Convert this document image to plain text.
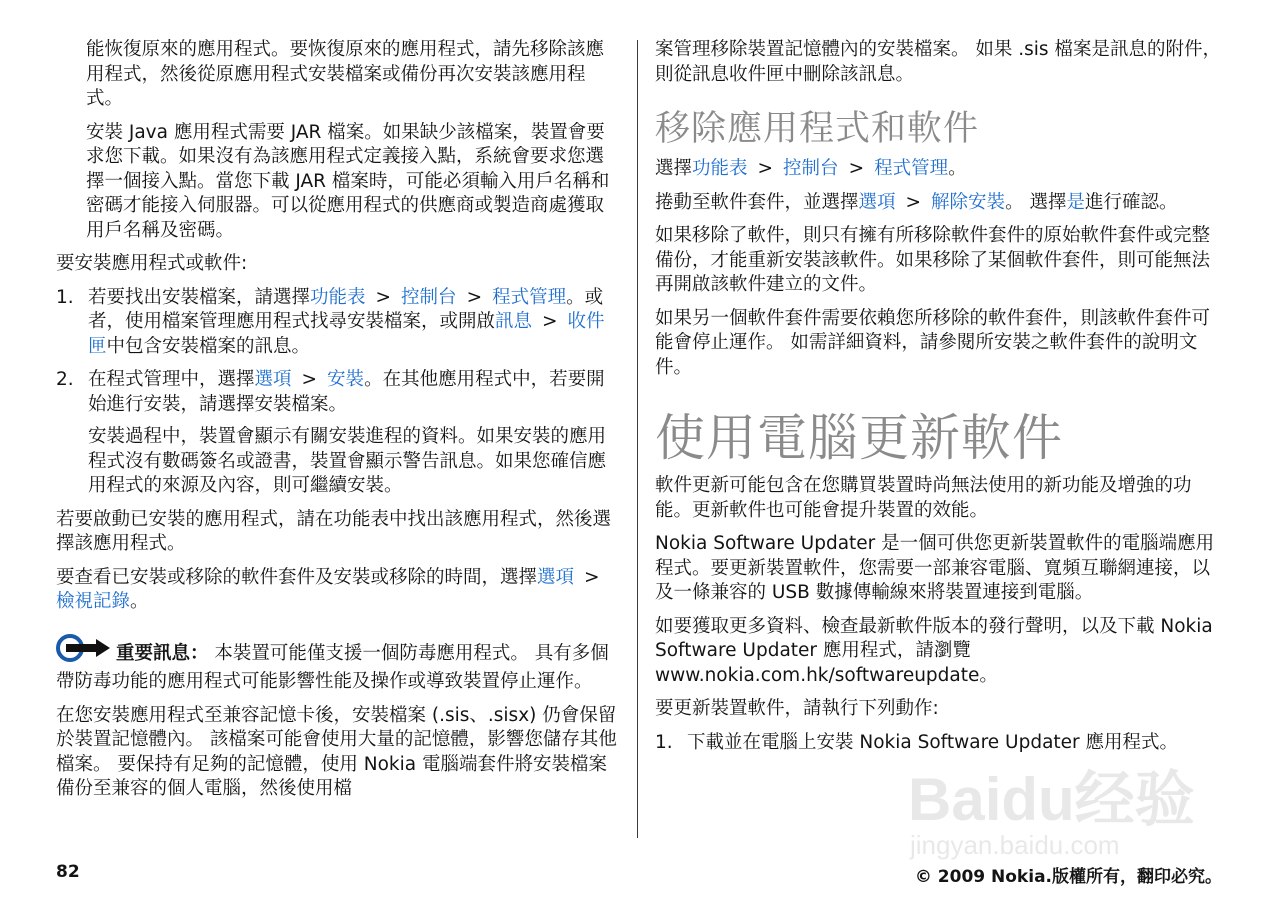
能恢復原來的應用程式。要恢復原來的應用程式，請先移除該應用程式，然後從原應用程式安裝檔案或備份再次安裝該應用程式。

安裝 Java 應用程式需要 JAR 檔案。如果缺少該檔案，裝置會要求您下載。如果沒有為該應用程式定義接入點，系統會要求您選擇一個接入點。當您下載 JAR 檔案時，可能必須輸入用戶名稱和密碼才能接入伺服器。可以從應用程式的供應商或製造商處獲取用戶名稱及密碼。

要安裝應用程式或軟件:

1. 若要找出安裝檔案，請選擇功能表 > 控制台 > 程式管理。或者，使用檔案管理應用程式找尋安裝檔案，或開啟訊息 > 收件匣中包含安裝檔案的訊息。

2. 在程式管理中，選擇選項 > 安裝。在其他應用程式中，若要開始進行安裝，請選擇安裝檔案。

安裝過程中，裝置會顯示有關安裝進程的資料。如果安裝的應用程式沒有數碼簽名或證書，裝置會顯示警告訊息。如果您確信應用程式的來源及內容，則可繼續安裝。

若要啟動已安裝的應用程式，請在功能表中找出該應用程式，然後選擇該應用程式。

要查看已安裝或移除的軟件套件及安裝或移除的時間，選擇選項 >檢視記錄。

重要訊息： 本裝置可能僅支援一個防毒應用程式。 具有多個帶防毒功能的應用程式可能影響性能及操作或導致裝置停止運作。

在您安裝應用程式至兼容記憶卡後，安裝檔案 (.sis、.sisx) 仍會保留於裝置記憶體內。 該檔案可能會使用大量的記憶體，影響您儲存其他檔案。 要保持有足夠的記憶體，使用 Nokia 電腦端套件將安裝檔案備份至兼容的個人電腦，然後使用檔

案管理移除裝置記憶體內的安裝檔案。 如果 .sis 檔案是訊息的附件，則從訊息收件匣中刪除該訊息。

移除應用程式和軟件

選擇功能表 > 控制台 > 程式管理。

捲動至軟件套件，並選擇選項 > 解除安裝。 選擇是進行確認。

如果移除了軟件，則只有擁有所移除軟件套件的原始軟件套件或完整備份，才能重新安裝該軟件。如果移除了某個軟件套件，則可能無法再開啟該軟件建立的文件。

如果另一個軟件套件需要依賴您所移除的軟件套件，則該軟件套件可能會停止運作。 如需詳細資料，請參閱所安裝之軟件套件的說明文件。

使用電腦更新軟件

軟件更新可能包含在您購買裝置時尚無法使用的新功能及增強的功能。更新軟件也可能會提升裝置的效能。

Nokia Software Updater 是一個可供您更新裝置軟件的電腦端應用程式。要更新裝置軟件，您需要一部兼容電腦、寬頻互聯網連接，以及一條兼容的 USB 數據傳輸線來將裝置連接到電腦。

如要獲取更多資料、檢查最新軟件版本的發行聲明，以及下載 Nokia Software Updater 應用程式，請瀏覽www.nokia.com.hk/softwareupdate。

要更新裝置軟件，請執行下列動作:

1. 下載並在電腦上安裝 Nokia Software Updater 應用程式。

82	© 2009 Nokia.版權所有，翻印必究。
Baidu经验
jingyan.baidu.com
